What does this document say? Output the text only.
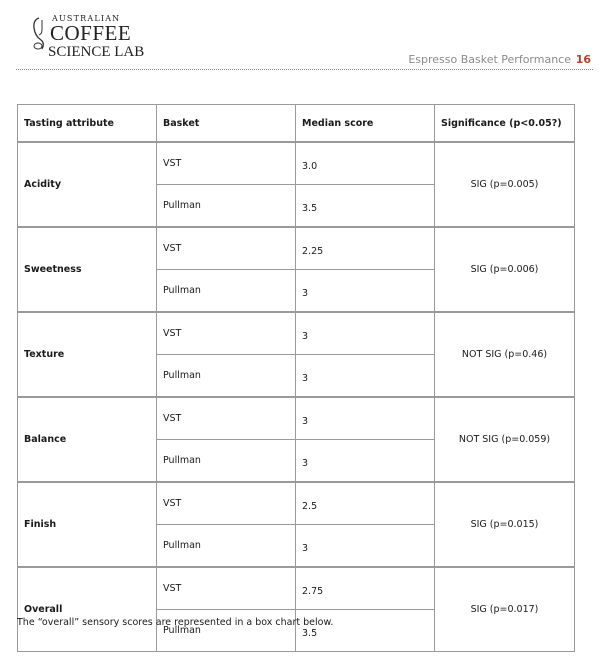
AUSTRALIAN
COFFEE
SCIENCE LAB	Espresso Basket Performance 16
Tasting attribute	Basket	Median score	Significance (p<0.05?)
Acidity	VST	3.0	SIG (p=0.005)
	Pullman	3.5	
Sweetness	VST	2.25	SIG (p=0.006)
	Pullman	3	
Texture	VST	3	NOT SIG (p=0.46)
	Pullman	3	
Balance	VST	3	NOT SIG (p=0.059)
	Pullman	3	
Finish	VST	2.5	SIG (p=0.015)
	Pullman	3	
Overall	VST	2.75	SIG (p=0.017)
	Pullman	3.5	
The “overall” sensory scores are represented in a box chart below.
